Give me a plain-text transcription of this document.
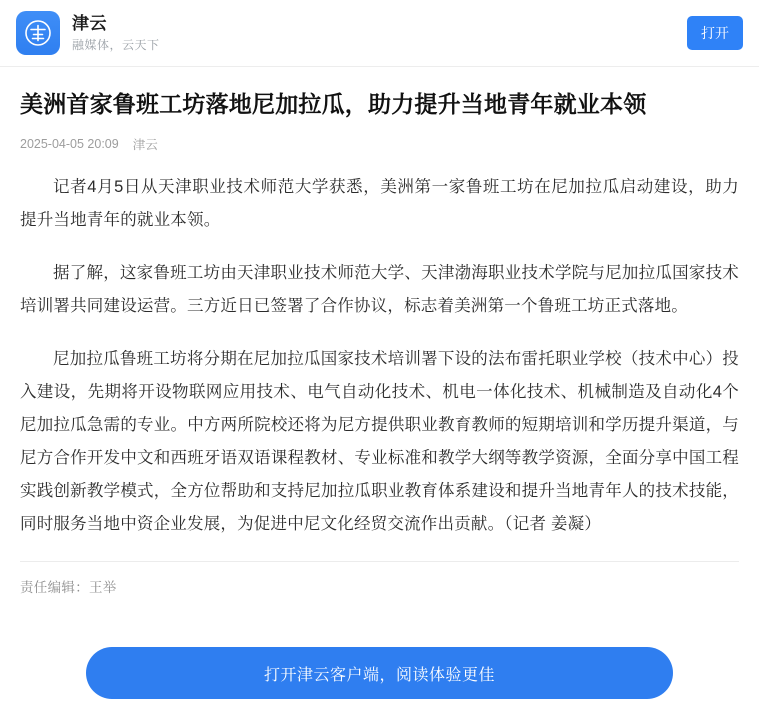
津云
融媒体，云天下
打开
美洲首家鲁班工坊落地尼加拉瓜，助力提升当地青年就业本领
2025-04-05 20:09 津云

记者4月5日从天津职业技术师范大学获悉，美洲第一家鲁班工坊在尼加拉瓜启动建设，助力提升当地青年的就业本领。

据了解，这家鲁班工坊由天津职业技术师范大学、天津渤海职业技术学院与尼加拉瓜国家技术培训署共同建设运营。三方近日已签署了合作协议，标志着美洲第一个鲁班工坊正式落地。

尼加拉瓜鲁班工坊将分期在尼加拉瓜国家技术培训署下设的法布雷托职业学校（技术中心）投入建设，先期将开设物联网应用技术、电气自动化技术、机电一体化技术、机械制造及自动化4个尼加拉瓜急需的专业。中方两所院校还将为尼方提供职业教育教师的短期培训和学历提升渠道，与尼方合作开发中文和西班牙语双语课程教材、专业标准和教学大纲等教学资源，全面分享中国工程实践创新教学模式，全方位帮助和支持尼加拉瓜职业教育体系建设和提升当地青年人的技术技能，同时服务当地中资企业发展，为促进中尼文化经贸交流作出贡献。（记者 姜凝）

责任编辑：王举
打开津云客户端，阅读体验更佳
